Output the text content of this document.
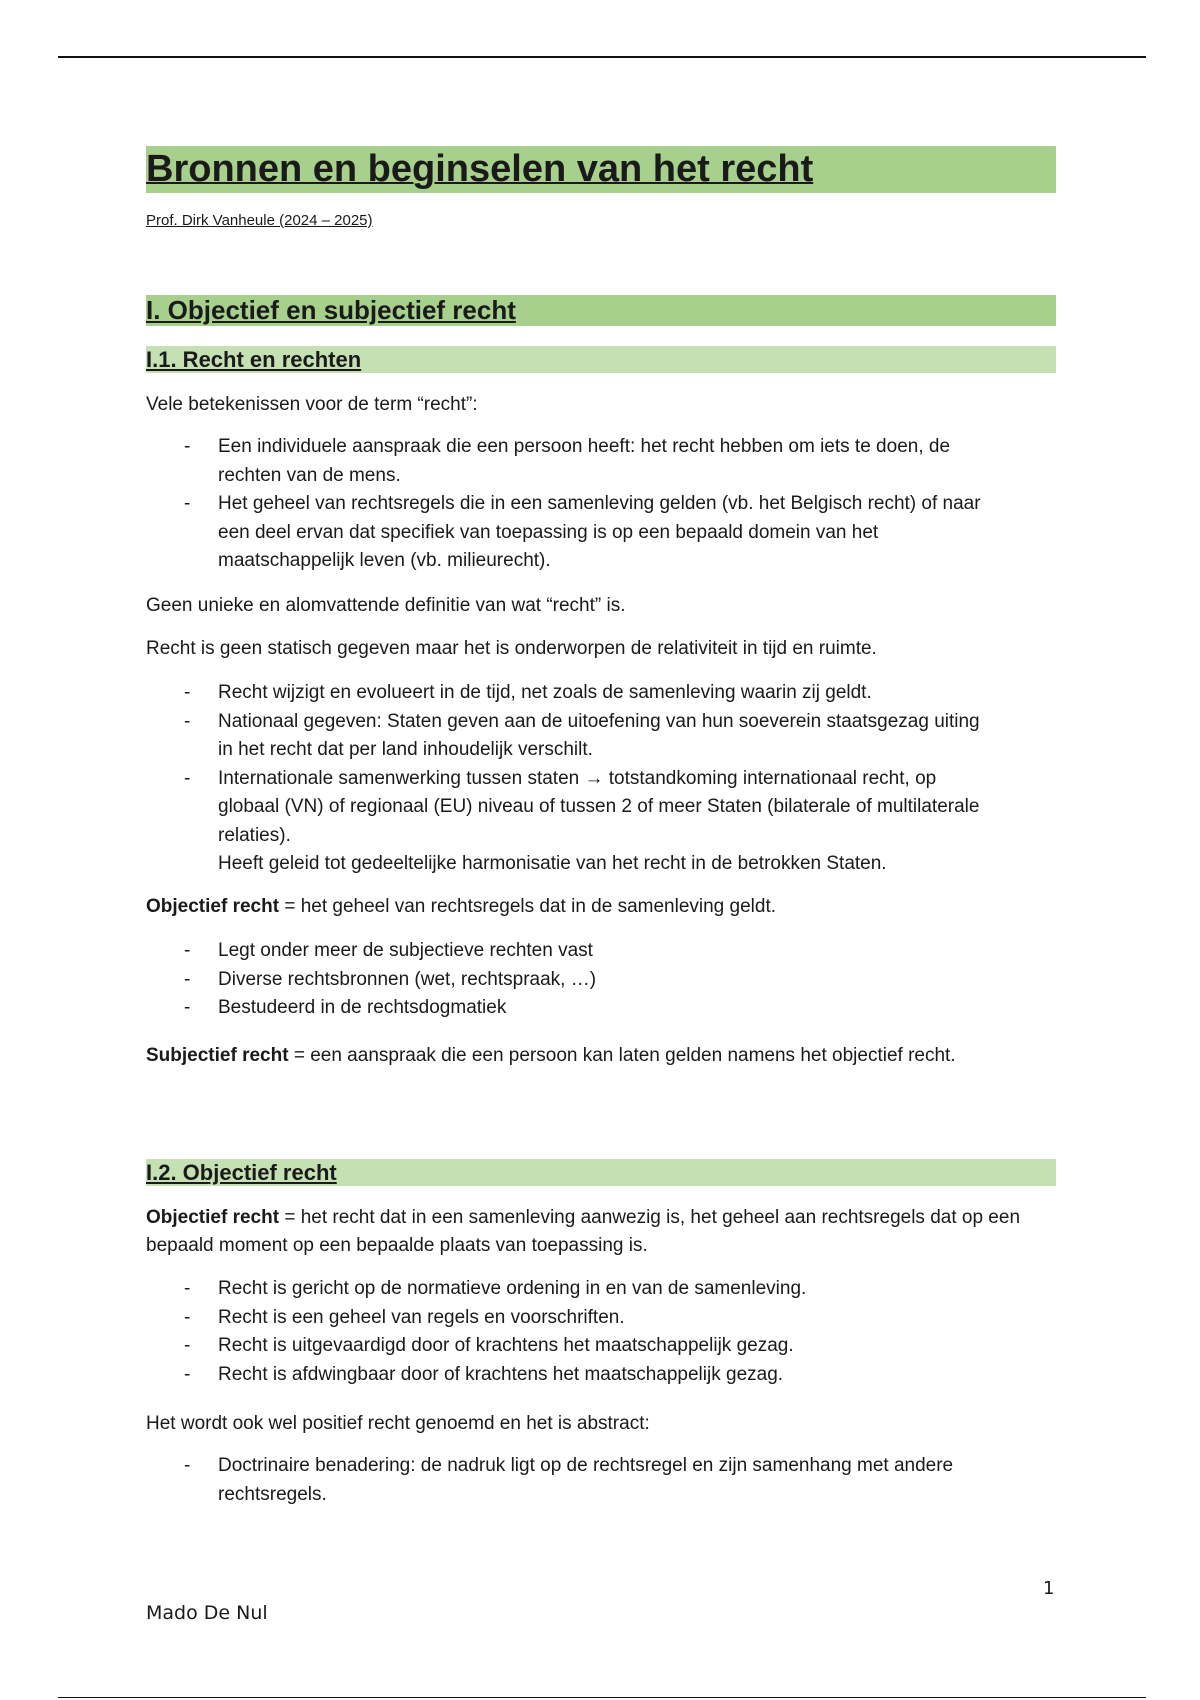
Bronnen en beginselen van het recht
Prof. Dirk Vanheule (2024 – 2025)
I. Objectief en subjectief recht
I.1. Recht en rechten
Vele betekenissen voor de term “recht”:
- Een individuele aanspraak die een persoon heeft: het recht hebben om iets te doen, de rechten van de mens.
- Het geheel van rechtsregels die in een samenleving gelden (vb. het Belgisch recht) of naar een deel ervan dat specifiek van toepassing is op een bepaald domein van het maatschappelijk leven (vb. milieurecht).
Geen unieke en alomvattende definitie van wat “recht” is.
Recht is geen statisch gegeven maar het is onderworpen de relativiteit in tijd en ruimte.
- Recht wijzigt en evolueert in de tijd, net zoals de samenleving waarin zij geldt.
- Nationaal gegeven: Staten geven aan de uitoefening van hun soeverein staatsgezag uiting in het recht dat per land inhoudelijk verschilt.
- Internationale samenwerking tussen staten → totstandkoming internationaal recht, op globaal (VN) of regionaal (EU) niveau of tussen 2 of meer Staten (bilaterale of multilaterale relaties).
Heeft geleid tot gedeeltelijke harmonisatie van het recht in de betrokken Staten.
Objectief recht = het geheel van rechtsregels dat in de samenleving geldt.
- Legt onder meer de subjectieve rechten vast
- Diverse rechtsbronnen (wet, rechtspraak, …)
- Bestudeerd in de rechtsdogmatiek
Subjectief recht = een aanspraak die een persoon kan laten gelden namens het objectief recht.
I.2. Objectief recht
Objectief recht = het recht dat in een samenleving aanwezig is, het geheel aan rechtsregels dat op een bepaald moment op een bepaalde plaats van toepassing is.
- Recht is gericht op de normatieve ordening in en van de samenleving.
- Recht is een geheel van regels en voorschriften.
- Recht is uitgevaardigd door of krachtens het maatschappelijk gezag.
- Recht is afdwingbaar door of krachtens het maatschappelijk gezag.
Het wordt ook wel positief recht genoemd en het is abstract:
- Doctrinaire benadering: de nadruk ligt op de rechtsregel en zijn samenhang met andere rechtsregels.
1
Mado De Nul
